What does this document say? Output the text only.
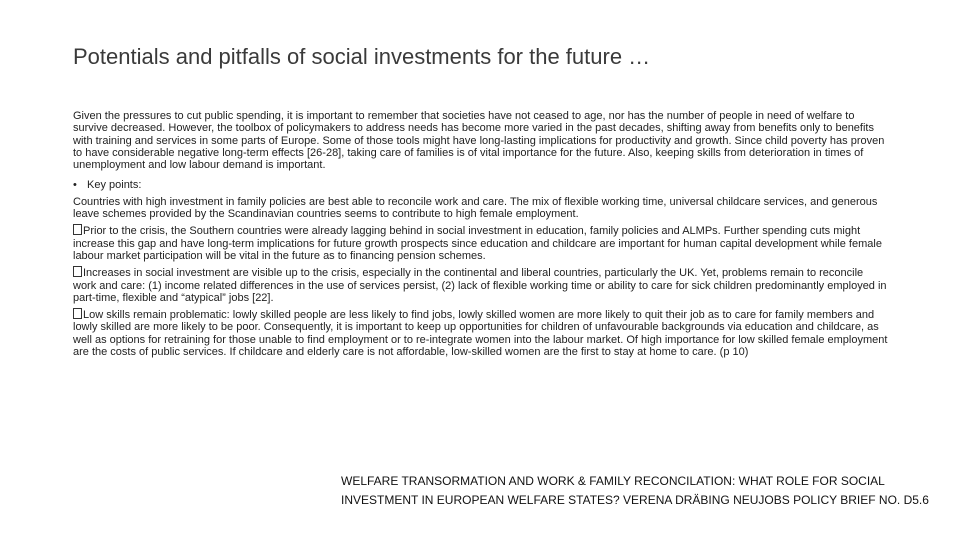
Potentials and pitfalls of social investments for the future …

Given the pressures to cut public spending, it is important to remember that societies have not ceased to age, nor has the number of people in need of welfare to survive decreased. However, the toolbox of policymakers to address needs has become more varied in the past decades, shifting away from benefits only to benefits with training and services in some parts of Europe. Some of those tools might have long-lasting implications for productivity and growth. Since child poverty has proven to have considerable negative long-term effects [26-28], taking care of families is of vital importance for the future. Also, keeping skills from deterioration in times of unemployment and low labour demand is important.

• Key points:

Countries with high investment in family policies are best able to reconcile work and care. The mix of flexible working time, universal childcare services, and generous leave schemes provided by the Scandinavian countries seems to contribute to high female employment.

Prior to the crisis, the Southern countries were already lagging behind in social investment in education, family policies and ALMPs. Further spending cuts might increase this gap and have long-term implications for future growth prospects since education and childcare are important for human capital development while female labour market participation will be vital in the future as to financing pension schemes.

Increases in social investment are visible up to the crisis, especially in the continental and liberal countries, particularly the UK. Yet, problems remain to reconcile work and care: (1) income related differences in the use of services persist, (2) lack of flexible working time or ability to care for sick children predominantly employed in part-time, flexible and “atypical” jobs [22].

Low skills remain problematic: lowly skilled people are less likely to find jobs, lowly skilled women are more likely to quit their job as to care for family members and lowly skilled are more likely to be poor. Consequently, it is important to keep up opportunities for children of unfavourable backgrounds via education and childcare, as well as options for retraining for those unable to find employment or to re-integrate women into the labour market. Of high importance for low skilled female employment are the costs of public services. If childcare and elderly care is not affordable, low-skilled women are the first to stay at home to care. (p 10)

WELFARE TRANSORMATION AND WORK & FAMILY RECONCILATION: WHAT ROLE FOR SOCIAL INVESTMENT IN EUROPEAN WELFARE STATES? VERENA DRÄBING NEUJOBS POLICY BRIEF NO. D5.6
